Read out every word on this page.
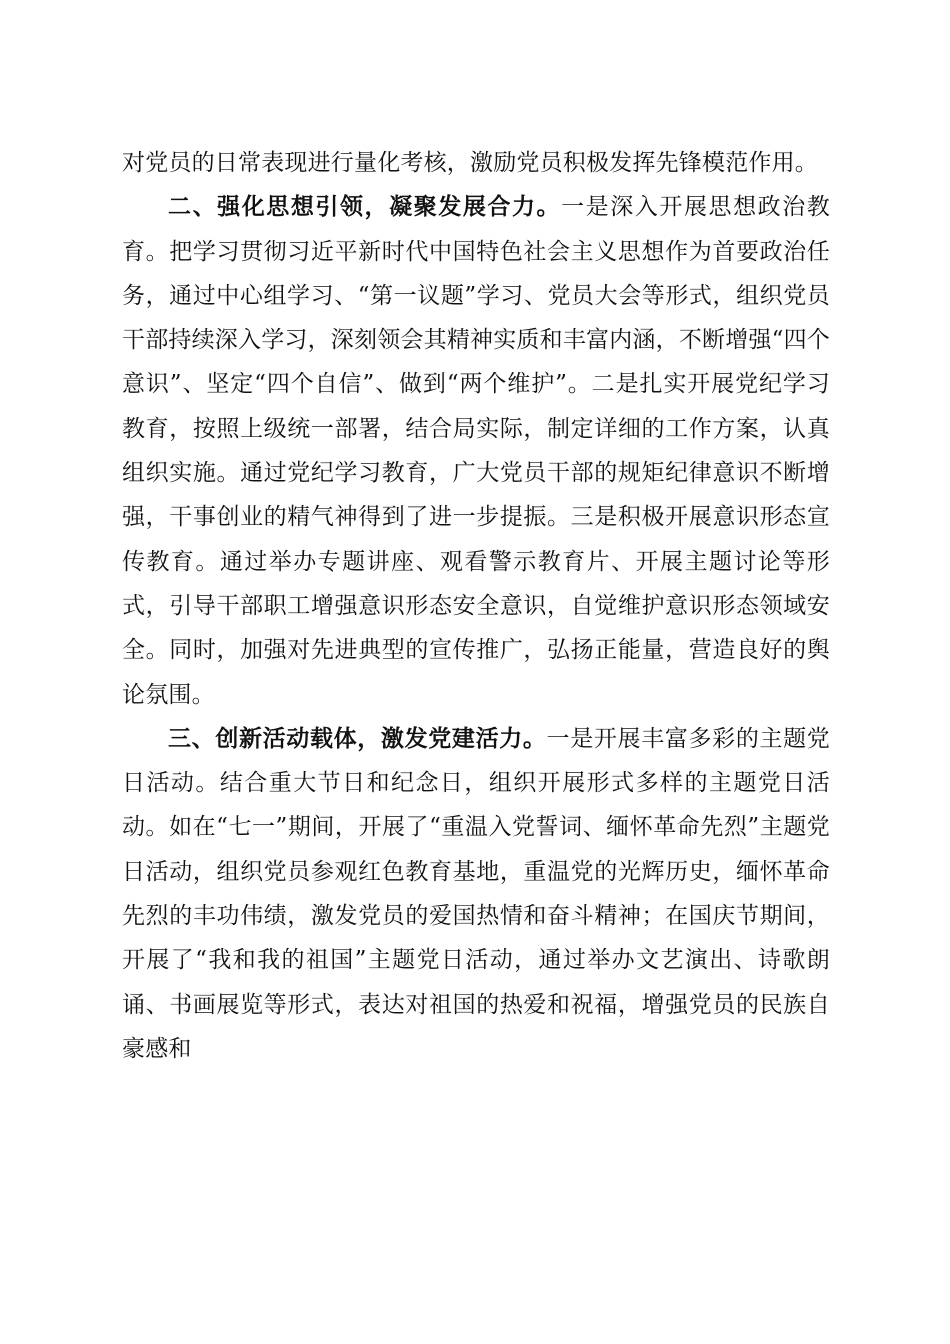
对党员的日常表现进行量化考核，激励党员积极发挥先锋模范作用。

二、强化思想引领，凝聚发展合力。一是深入开展思想政治教育。把学习贯彻习近平新时代中国特色社会主义思想作为首要政治任务，通过中心组学习、“第一议题”学习、党员大会等形式，组织党员干部持续深入学习，深刻领会其精神实质和丰富内涵，不断增强“四个意识”、坚定“四个自信”、做到“两个维护”。二是扎实开展党纪学习教育，按照上级统一部署，结合局实际，制定详细的工作方案，认真组织实施。通过党纪学习教育，广大党员干部的规矩纪律意识不断增强，干事创业的精气神得到了进一步提振。三是积极开展意识形态宣传教育。通过举办专题讲座、观看警示教育片、开展主题讨论等形式，引导干部职工增强意识形态安全意识，自觉维护意识形态领域安全。同时，加强对先进典型的宣传推广，弘扬正能量，营造良好的舆论氛围。

三、创新活动载体，激发党建活力。一是开展丰富多彩的主题党日活动。结合重大节日和纪念日，组织开展形式多样的主题党日活动。如在“七一”期间，开展了“重温入党誓词、缅怀革命先烈”主题党日活动，组织党员参观红色教育基地，重温党的光辉历史，缅怀革命先烈的丰功伟绩，激发党员的爱国热情和奋斗精神；在国庆节期间，开展了“我和我的祖国”主题党日活动，通过举办文艺演出、诗歌朗诵、书画展览等形式，表达对祖国的热爱和祝福，增强党员的民族自豪感和
